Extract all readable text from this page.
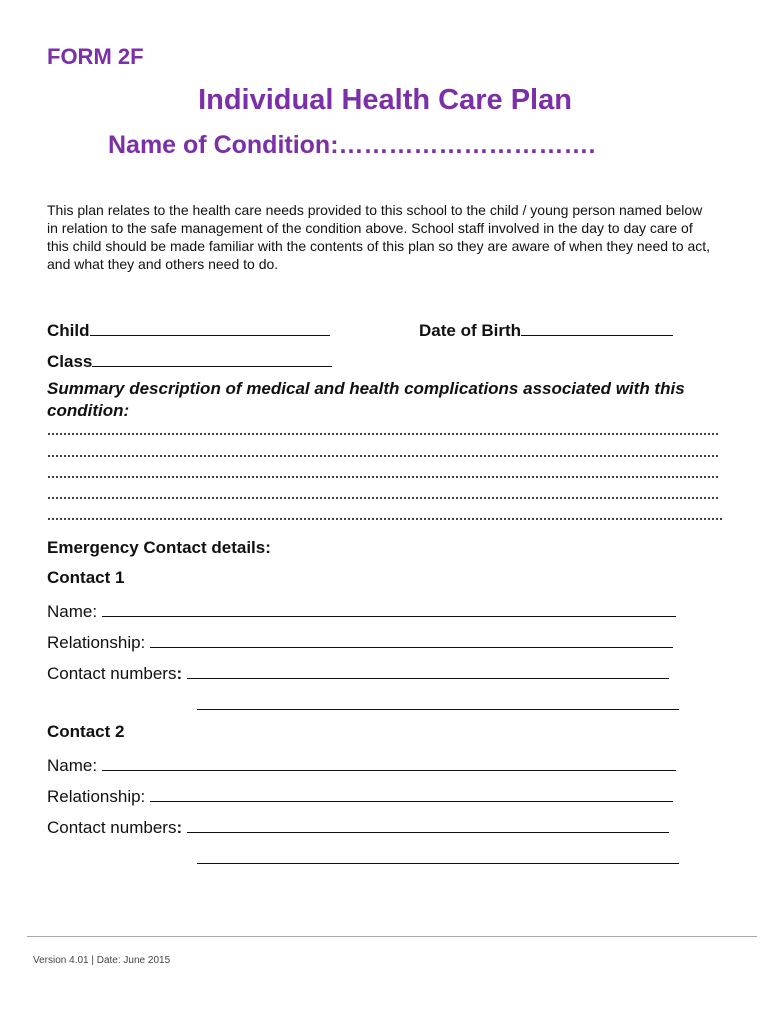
FORM 2F
Individual Health Care Plan
Name of Condition:………………………….
This plan relates to the health care needs provided to this school to the child / young person named below in relation to the safe management of the condition above. School staff involved in the day to day care of this child should be made familiar with the contents of this plan so they are aware of when they need to act, and what they and others need to do.
Child	Date of Birth
Class
Summary description of medical and health complications associated with this condition:
Emergency Contact details:
Contact 1
Name:
Relationship:
Contact numbers:
Contact 2
Name:
Relationship:
Contact numbers:
Version 4.01 | Date: June 2015
